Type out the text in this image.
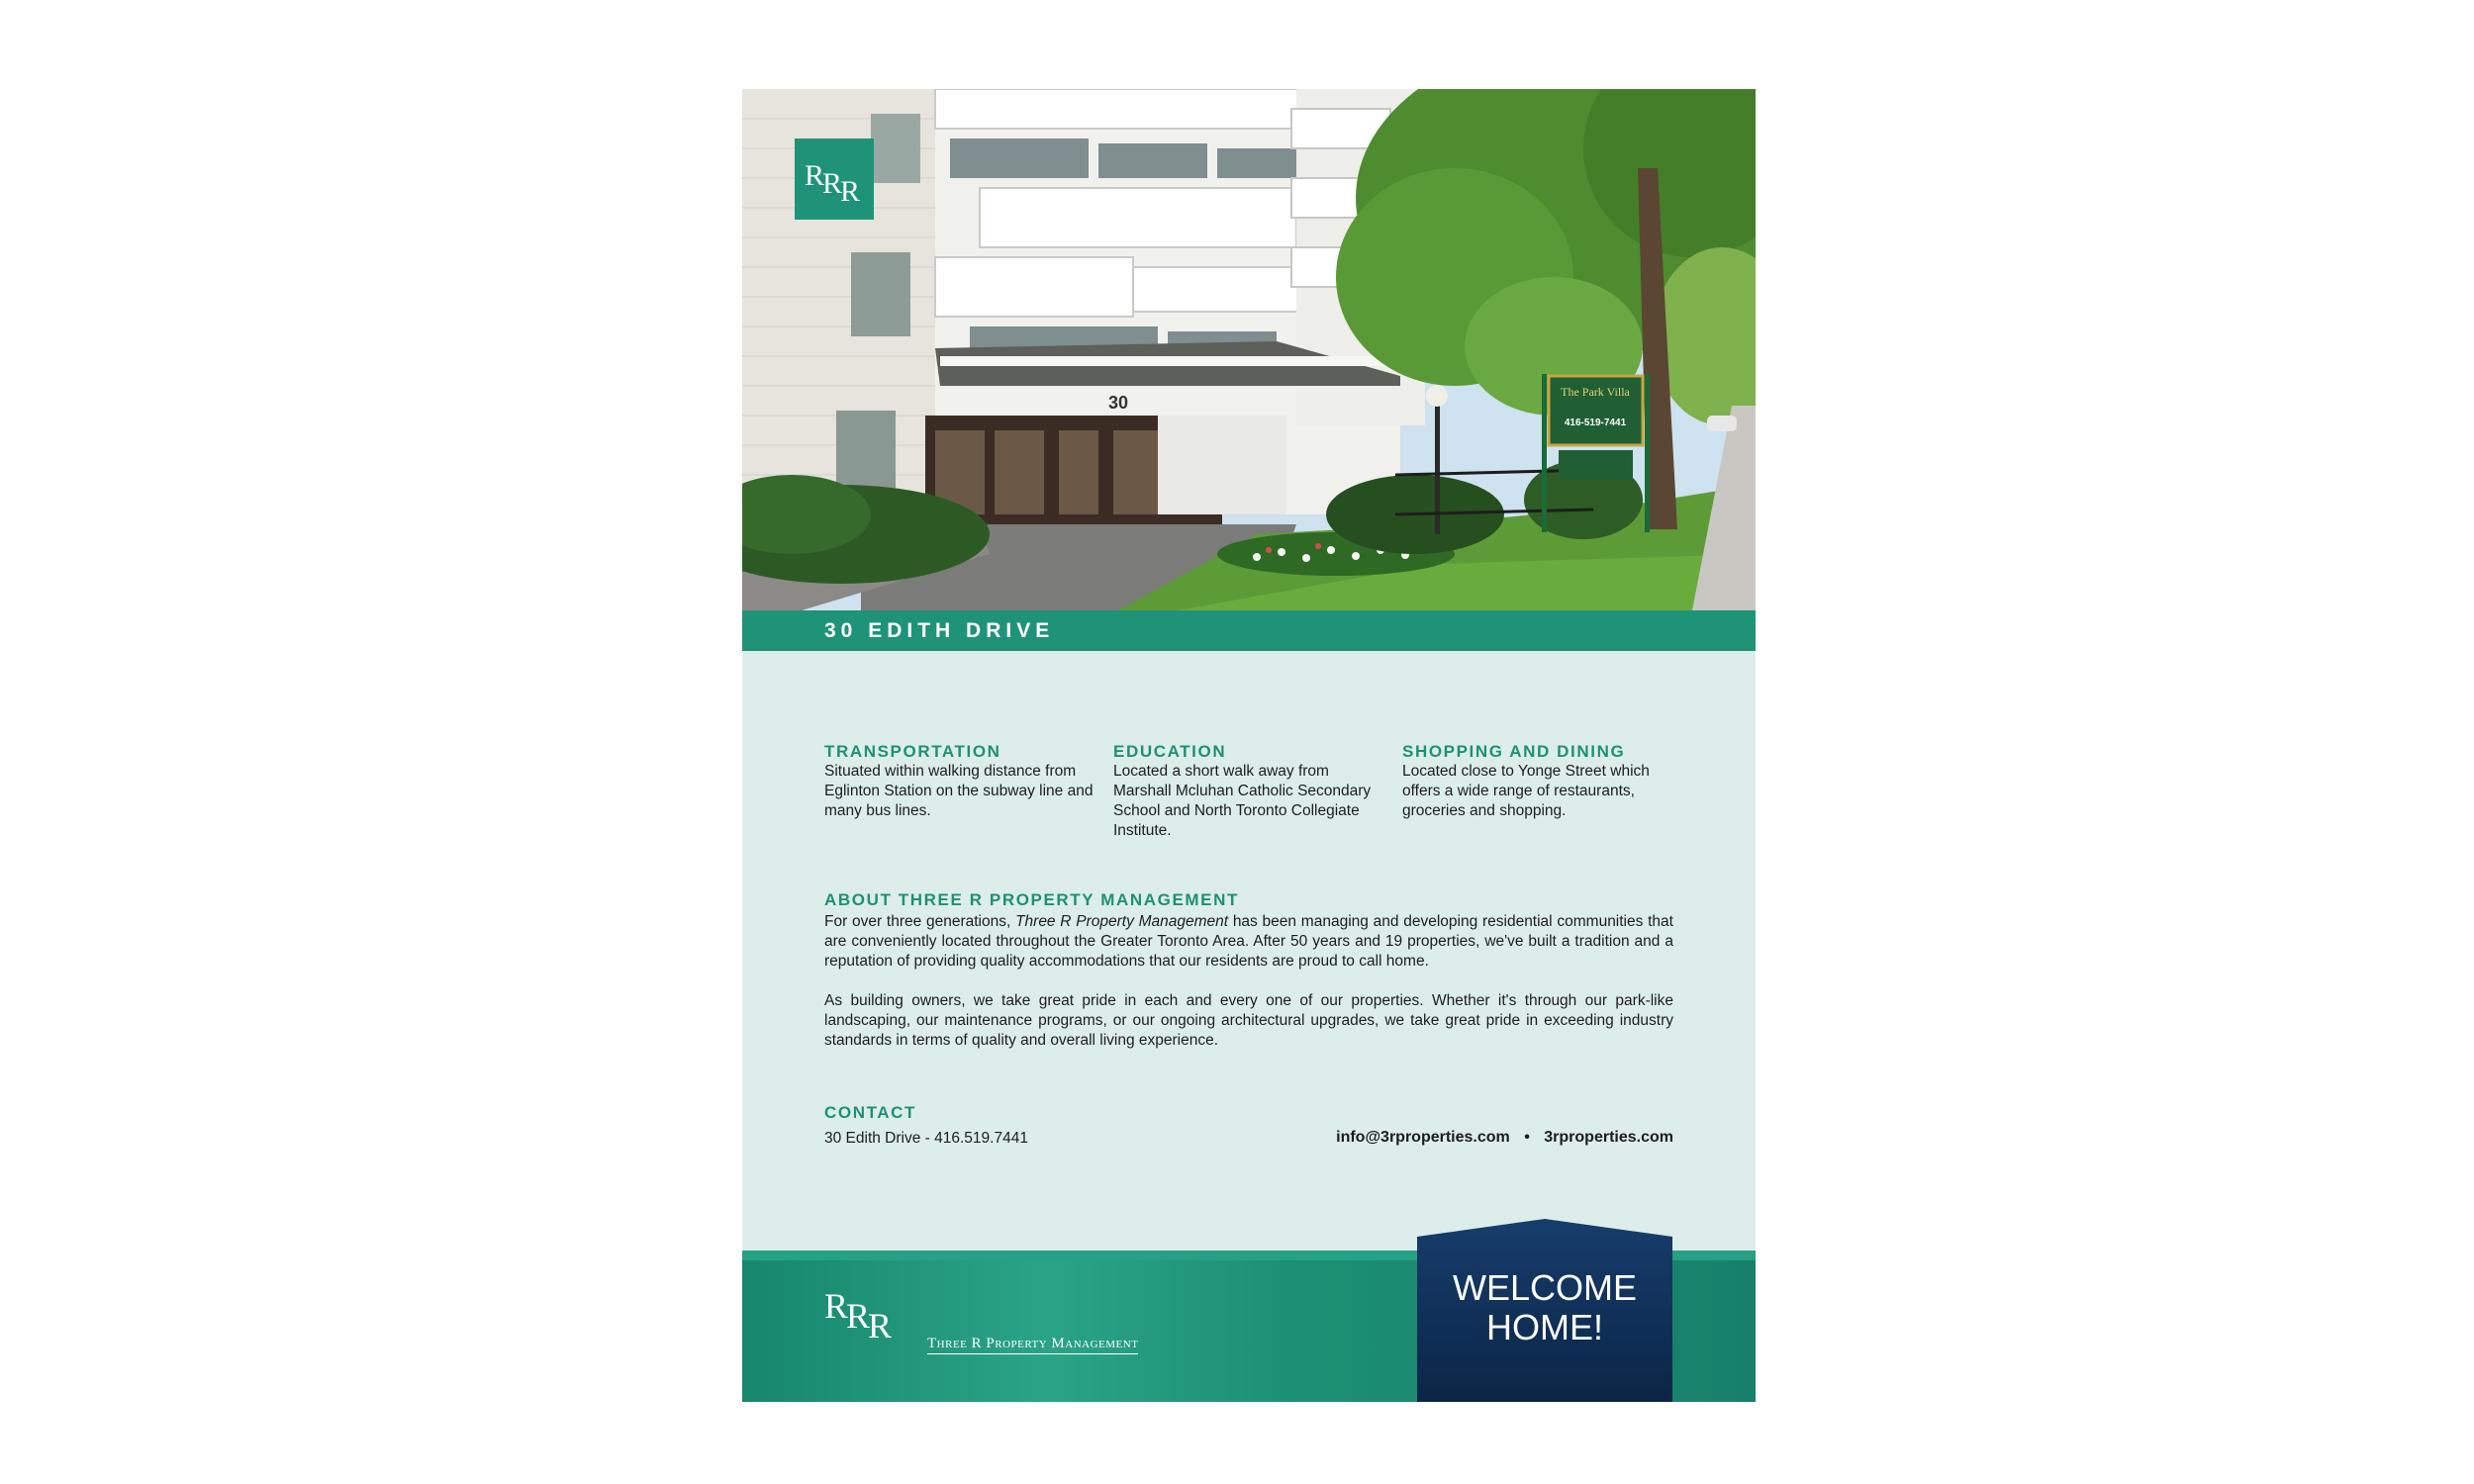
30
The Park Villa
416-519-7441
R
R
R
30 EDITH DRIVE
TRANSPORTATION

Situated within walking distance from Eglinton Station on the subway line and many bus lines.

EDUCATION

Located a short walk away from Marshall Mcluhan Catholic Secondary School and North Toronto Collegiate Institute.

SHOPPING AND DINING

Located close to Yonge Street which offers a wide range of restaurants, groceries and shopping.

ABOUT THREE R PROPERTY MANAGEMENT

For over three generations, Three R Property Management has been managing and developing residential communities that are conveniently located throughout the Greater Toronto Area. After 50 years and 19 properties, we've built a tradition and a reputation of providing quality accommodations that our residents are proud to call home.

As building owners, we take great pride in each and every one of our properties. Whether it's through our park-like landscaping, our maintenance programs, or our ongoing architectural upgrades, we take great pride in exceeding industry standards in terms of quality and overall living experience.

CONTACT
30 Edith Drive - 416.519.7441	info@3rproperties.com • 3rproperties.com
R
R
R Three R Property Management
WELCOME
HOME!
